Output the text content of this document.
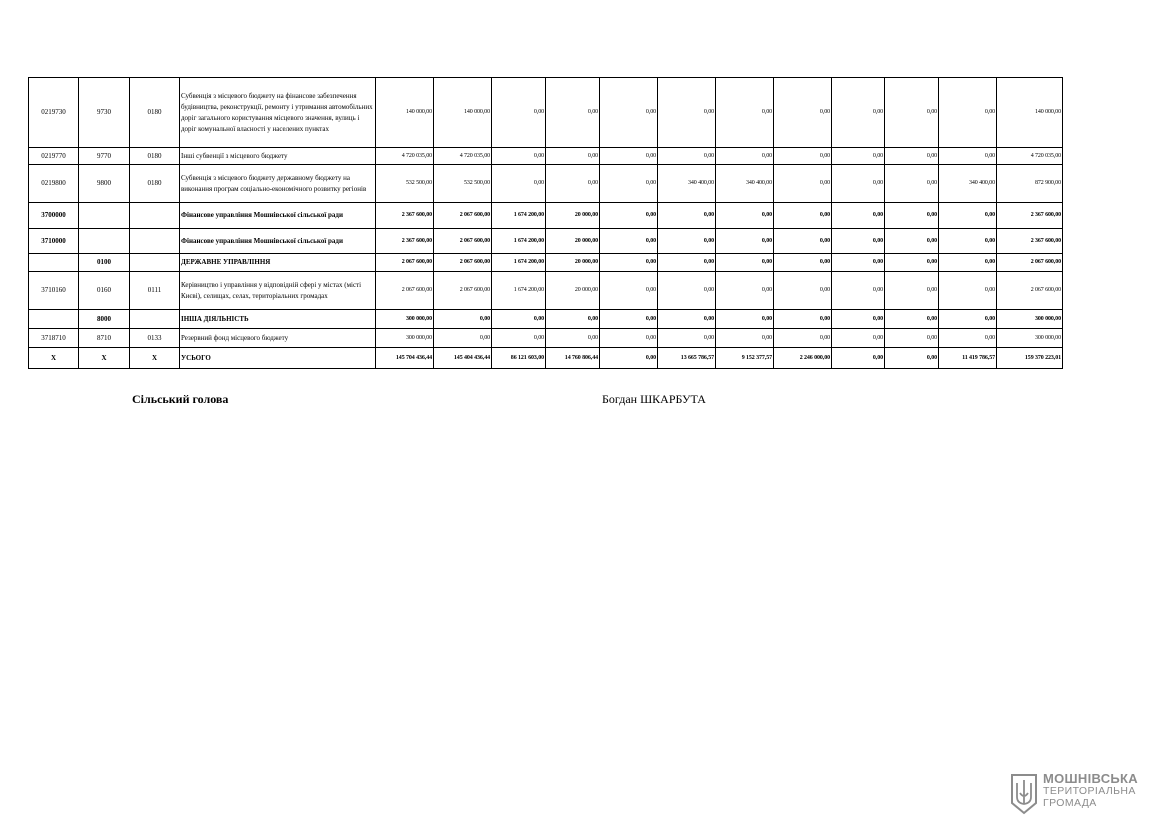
0219730	9730	0180	Субвенція з місцевого бюджету на фінансове забезпечення будівництва, реконструкції, ремонту і утримання автомобільних доріг загального користування місцевого значення, вулиць і доріг комунальної власності у населених пунктах	140 000,00	140 000,00	0,00	0,00	0,00	0,00	0,00	0,00	0,00	0,00	0,00	140 000,00
0219770	9770	0180	Інші субвенції з місцевого бюджету	4 720 035,00	4 720 035,00	0,00	0,00	0,00	0,00	0,00	0,00	0,00	0,00	0,00	4 720 035,00
0219800	9800	0180	Субвенція з місцевого бюджету державному бюджету на виконання програм соціально-економічного розвитку регіонів	532 500,00	532 500,00	0,00	0,00	0,00	340 400,00	340 400,00	0,00	0,00	0,00	340 400,00	872 900,00
3700000			Фінансове управління Мошнівської сільської ради	2 367 600,00	2 067 600,00	1 674 200,00	20 000,00	0,00	0,00	0,00	0,00	0,00	0,00	0,00	2 367 600,00
3710000			Фінансове управління Мошнівської сільської ради	2 367 600,00	2 067 600,00	1 674 200,00	20 000,00	0,00	0,00	0,00	0,00	0,00	0,00	0,00	2 367 600,00
	0100		ДЕРЖАВНЕ УПРАВЛІННЯ	2 067 600,00	2 067 600,00	1 674 200,00	20 000,00	0,00	0,00	0,00	0,00	0,00	0,00	0,00	2 067 600,00
3710160	0160	0111	Керівництво і управління у відповідній сфері у містах (місті Києві), селищах, селах, територіальних громадах	2 067 600,00	2 067 600,00	1 674 200,00	20 000,00	0,00	0,00	0,00	0,00	0,00	0,00	0,00	2 067 600,00
	8000		ІНША ДІЯЛЬНІСТЬ	300 000,00	0,00	0,00	0,00	0,00	0,00	0,00	0,00	0,00	0,00	0,00	300 000,00
3718710	8710	0133	Резервний фонд місцевого бюджету	300 000,00	0,00	0,00	0,00	0,00	0,00	0,00	0,00	0,00	0,00	0,00	300 000,00
Х	Х	Х	УСЬОГО	145 704 436,44	145 404 436,44	86 121 603,00	14 760 806,44	0,00	13 665 786,57	9 152 377,57	2 246 000,00	0,00	0,00	11 419 786,57	159 370 223,01
Сільський голова	Богдан ШКАРБУТА
МОШНІВСЬКА
ТЕРИТОРІАЛЬНА
ГРОМАДА
